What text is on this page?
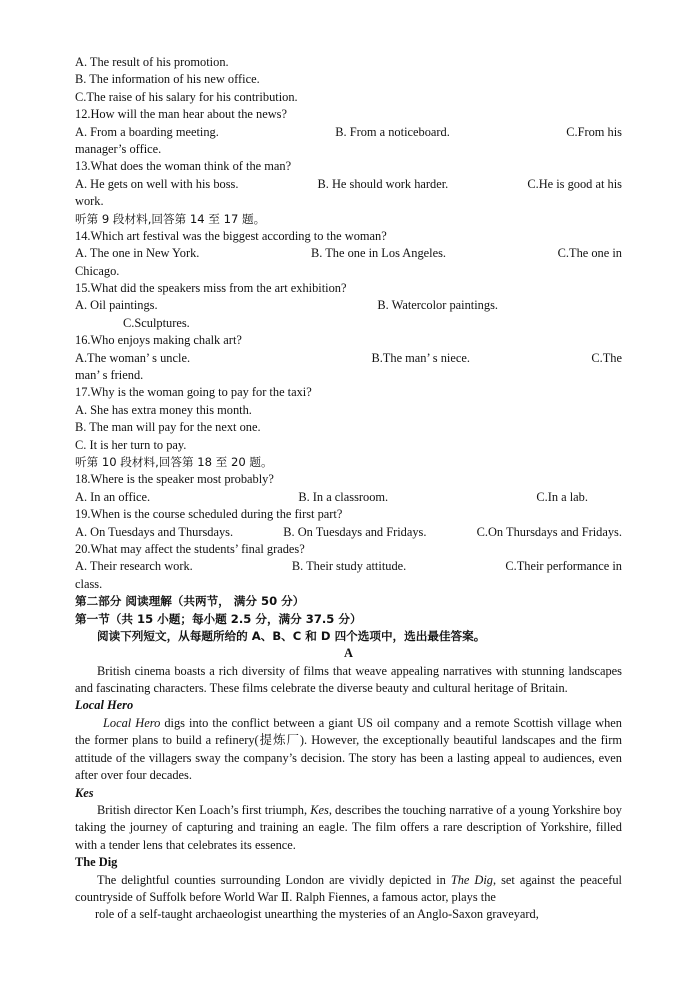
A. The result of his promotion.
B. The information of his new office.
C.The raise of his salary for his contribution.
12.How will the man hear about the news?
A. From a boarding meeting.	B. From a noticeboard.	C.From his
manager’s office.
13.What does the woman think of the man?
A. He gets on well with his boss.	B. He should work harder.	C.He is good at his
work.
听第 9 段材料,回答第 14 至 17 题。
14.Which art festival was the biggest according to the woman?
A. The one in New York.	B. The one in Los Angeles.	C.The one in
Chicago.
15.What did the speakers miss from the art exhibition?
A. Oil paintings.	B. Watercolor paintings.
C.Sculptures.
16.Who enjoys making chalk art?
A.The woman’ s uncle.	B.The man’ s niece.	C.The
man’ s friend.
17.Why is the woman going to pay for the taxi?
A. She has extra money this month.
B. The man will pay for the next one.
C. It is her turn to pay.
听第 10 段材料,回答第 18 至 20 题。
18.Where is the speaker most probably?
A. In an office.	B. In a classroom.	C.In a lab.
19.When is the course scheduled during the first part?
A. On Tuesdays and Thursdays.	B. On Tuesdays and Fridays.	C.On Thursdays and Fridays.
20.What may affect the students’ final grades?
A. Their research work.	B. Their study attitude.	C.Their performance in
class.
第二部分 阅读理解（共两节， 满分 50 分）
第一节（共 15 小题；每小题 2.5 分，满分 37.5 分）
阅读下列短文，从每题所给的 A、B、C 和 D 四个选项中，选出最佳答案。
A
British cinema boasts a rich diversity of films that weave appealing narratives with stunning landscapes and fascinating characters. These films celebrate the diverse beauty and cultural heritage of Britain.
Local Hero
Local Hero digs into the conflict between a giant US oil company and a remote Scottish village when the former plans to build a refinery(提炼厂). However, the exceptionally beautiful landscapes and the firm attitude of the villagers sway the company’s decision. The story has been a lasting appeal to audiences, even after over four decades.
Kes
British director Ken Loach’s first triumph, Kes, describes the touching narrative of a young Yorkshire boy taking the journey of capturing and training an eagle. The film offers a rare description of Yorkshire, filled with a tender lens that celebrates its essence.
The Dig
The delightful counties surrounding London are vividly depicted in The Dig, set against the peaceful countryside of Suffolk before World War Ⅱ. Ralph Fiennes, a famous actor, plays the
role of a self-taught archaeologist unearthing the mysteries of an Anglo-Saxon graveyard,
